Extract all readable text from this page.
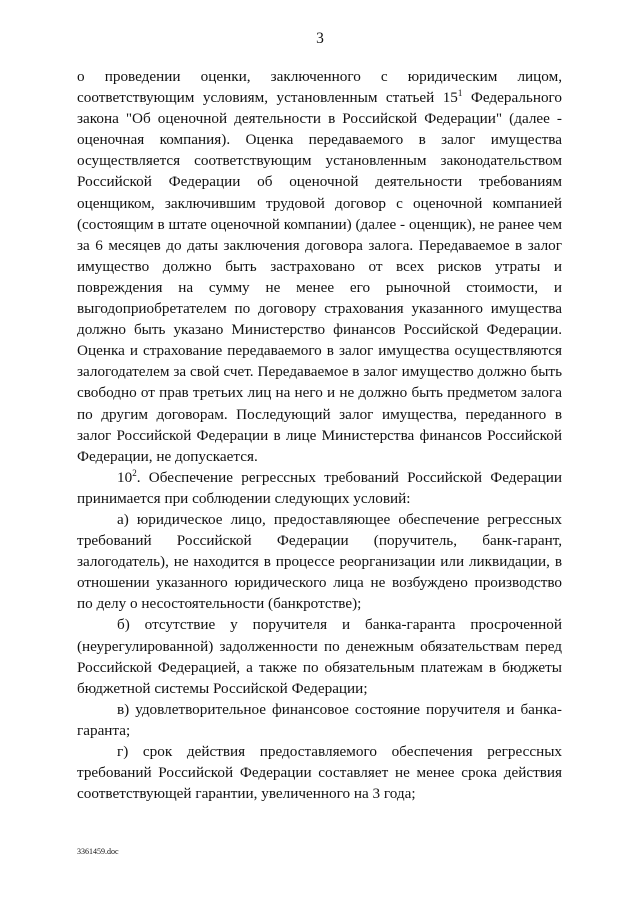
3

о проведении оценки, заключенного с юридическим лицом, соответствующим условиям, установленным статьей $15^1$ Федерального закона "Об оценочной деятельности в Российской Федерации" (далее - оценочная компания). Оценка передаваемого в залог имущества осуществляется соответствующим установленным законодательством Российской Федерации об оценочной деятельности требованиям оценщиком, заключившим трудовой договор с оценочной компанией (состоящим в штате оценочной компании) (далее - оценщик), не ранее чем за 6 месяцев до даты заключения договора залога. Передаваемое в залог имущество должно быть застраховано от всех рисков утраты и повреждения на сумму не менее его рыночной стоимости, и выгодоприобретателем по договору страхования указанного имущества должно быть указано Министерство финансов Российской Федерации. Оценка и страхование передаваемого в залог имущества осуществляются залогодателем за свой счет. Передаваемое в залог имущество должно быть свободно от прав третьих лиц на него и не должно быть предметом залога по другим договорам. Последующий залог имущества, переданного в залог Российской Федерации в лице Министерства финансов Российской Федерации, не допускается.

$10^2$. Обеспечение регрессных требований Российской Федерации принимается при соблюдении следующих условий:

а) юридическое лицо, предоставляющее обеспечение регрессных требований Российской Федерации (поручитель, банк-гарант, залогодатель), не находится в процессе реорганизации или ликвидации, в отношении указанного юридического лица не возбуждено производство по делу о несостоятельности (банкротстве);

б) отсутствие у поручителя и банка-гаранта просроченной (неурегулированной) задолженности по денежным обязательствам перед Российской Федерацией, а также по обязательным платежам в бюджеты бюджетной системы Российской Федерации;

в) удовлетворительное финансовое состояние поручителя и банка-гаранта;

г) срок действия предоставляемого обеспечения регрессных требований Российской Федерации составляет не менее срока действия соответствующей гарантии, увеличенного на 3 года;

3361459.doc
